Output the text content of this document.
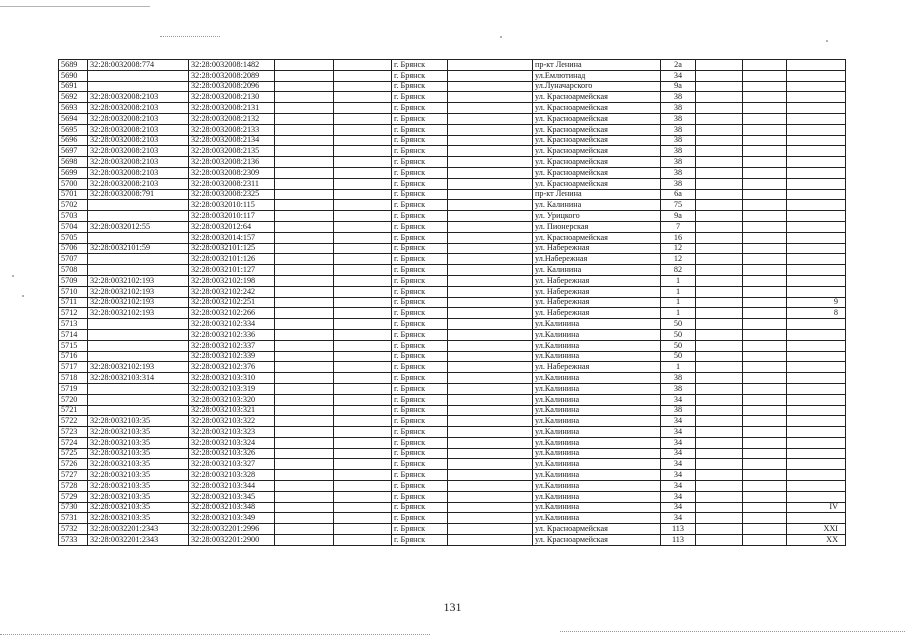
5689	32:28:0032008:774	32:28:0032008:1482			г. Брянск		пр-кт Ленина	2а			
5690		32:28:0032008:2089			г. Брянск		ул.Емлютинад	34			
5691		32:28:0032008:2096			г. Брянск		ул.Луначарского	9а			
5692	32:28:0032008:2103	32:28:0032008:2130			г. Брянск		ул. Красноармейская	38			
5693	32:28:0032008:2103	32:28:0032008:2131			г. Брянск		ул. Красноармейская	38			
5694	32:28:0032008:2103	32:28:0032008:2132			г. Брянск		ул. Красноармейская	38			
5695	32:28:0032008:2103	32:28:0032008:2133			г. Брянск		ул. Красноармейская	38			
5696	32:28:0032008:2103	32:28:0032008:2134			г. Брянск		ул. Красноармейская	38			
5697	32:28:0032008:2103	32:28:0032008:2135			г. Брянск		ул. Красноармейская	38			
5698	32:28:0032008:2103	32:28:0032008:2136			г. Брянск		ул. Красноармейская	38			
5699	32:28:0032008:2103	32:28:0032008:2309			г. Брянск		ул. Красноармейская	38			
5700	32:28:0032008:2103	32:28:0032008:2311			г. Брянск		ул. Красноармейская	38			
5701	32:28:0032008:791	32:28:0032008:2325			г. Брянск		пр-кт Ленина	6а			
5702		32:28:0032010:115			г. Брянск		ул. Калинина	75			
5703		32:28:0032010:117			г. Брянск		ул. Урицкого	9а			
5704	32:28:0032012:55	32:28:0032012:64			г. Брянск		ул. Пионерская	7			
5705		32:28:0032014:157			г. Брянск		ул. Красноармейская	16			
5706	32:28:0032101:59	32:28:0032101:125			г. Брянск		ул. Набережная	12			
5707		32:28:0032101:126			г. Брянск		ул.Набережная	12			
5708		32:28:0032101:127			г. Брянск		ул. Калинина	82			
5709	32:28:0032102:193	32:28:0032102:198			г. Брянск		ул. Набережная	1			
5710	32:28:0032102:193	32:28:0032102:242			г. Брянск		ул. Набережная	1			
5711	32:28:0032102:193	32:28:0032102:251			г. Брянск		ул. Набережная	1			9
5712	32:28:0032102:193	32:28:0032102:266			г. Брянск		ул. Набережная	1			8
5713		32:28:0032102:334			г. Брянск		ул.Калинина	50			
5714		32:28:0032102:336			г. Брянск		ул.Калинина	50			
5715		32:28:0032102:337			г. Брянск		ул.Калинина	50			
5716		32:28:0032102:339			г. Брянск		ул.Калинина	50			
5717	32:28:0032102:193	32:28:0032102:376			г. Брянск		ул. Набережная	1			
5718	32:28:0032103:314	32:28:0032103:310			г. Брянск		ул.Калинина	38			
5719		32:28:0032103:319			г. Брянск		ул.Калинина	38			
5720		32:28:0032103:320			г. Брянск		ул.Калинина	34			
5721		32:28:0032103:321			г. Брянск		ул.Калинина	38			
5722	32:28:0032103:35	32:28:0032103:322			г. Брянск		ул.Калинина	34			
5723	32:28:0032103:35	32:28:0032103:323			г. Брянск		ул.Калинина	34			
5724	32:28:0032103:35	32:28:0032103:324			г. Брянск		ул.Калинина	34			
5725	32:28:0032103:35	32:28:0032103:326			г. Брянск		ул.Калинина	34			
5726	32:28:0032103:35	32:28:0032103:327			г. Брянск		ул.Калинина	34			
5727	32:28:0032103:35	32:28:0032103:328			г. Брянск		ул.Калинина	34			
5728	32:28:0032103:35	32:28:0032103:344			г. Брянск		ул.Калинина	34			
5729	32:28:0032103:35	32:28:0032103:345			г. Брянск		ул.Калинина	34			
5730	32:28:0032103:35	32:28:0032103:348			г. Брянск		ул.Калинина	34			IV
5731	32:28:0032103:35	32:28:0032103:349			г. Брянск		ул.Калинина	34			
5732	32:28:0032201:2343	32:28:0032201:2996			г. Брянск		ул. Красноармейская	113			XXI
5733	32:28:0032201:2343	32:28:0032201:2900			г. Брянск		ул. Красноармейская	113			XX
131
